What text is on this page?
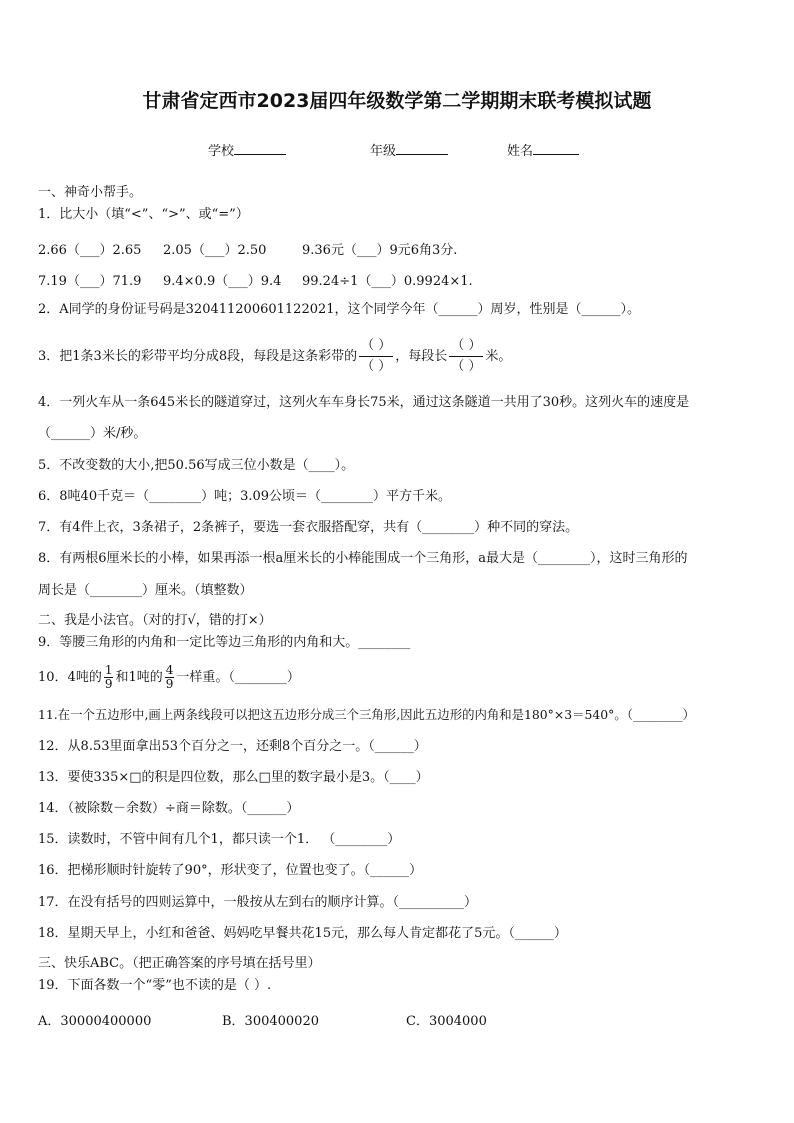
甘肃省定西市2023届四年级数学第二学期期末联考模拟试题
学校	年级	姓名
一、神奇小帮手。
1．比大小（填“<”、“>”、或“=”）
2.66（___）2.65 2.05（___）2.50	9.36元（___）9元6角3分.
7.19（___）71.9 9.4×0.9（___）9.4 99.24÷1（___）0.9924×1.
2．A同学的身份证号码是320411200601122021，这个同学今年（______）周岁，性别是（______）。
3．把1条3米长的彩带平均分成8段，每段是这条彩带的 $\frac{( )}{( )}$ ，每段长 $\frac{( )}{( )}$ 米。
4．一列火车从一条645米长的隧道穿过，这列火车车身长75米，通过这条隧道一共用了30秒。这列火车的速度是
（______）米/秒。
5．不改变数的大小,把50.56写成三位小数是（____）。
6．8吨40千克＝（________）吨；3.09公顷＝（________）平方千米。
7．有4件上衣，3条裙子，2条裤子，要选一套衣服搭配穿，共有（________）种不同的穿法。
8．有两根6厘米长的小棒，如果再添一根a厘米长的小棒能围成一个三角形，a最大是（________），这时三角形的
周长是（________）厘米。（填整数）
二、我是小法官。（对的打√，错的打×）
9．等腰三角形的内角和一定比等边三角形的内角和大。________
10．4吨的 $\frac{1}{9}$ 和1吨的 $\frac{4}{9}$ 一样重。（________）
11.在一个五边形中,画上两条线段可以把这五边形分成三个三角形,因此五边形的内角和是180°×3＝540°。（________）
12．从8.53里面拿出53个百分之一，还剩8个百分之一。（______）
13．要使335×□的积是四位数，那么□里的数字最小是3。（____）
14．（被除数－余数）÷商＝除数。（______）
15．读数时，不管中间有几个1，都只读一个1． （________）
16．把梯形顺时针旋转了90°，形状变了，位置也变了。（______）
17．在没有括号的四则运算中，一般按从左到右的顺序计算。（__________）
18．星期天早上，小红和爸爸、妈妈吃早餐共花15元，那么每人肯定都花了5元。（______）
三、快乐ABC。（把正确答案的序号填在括号里）
19．下面各数一个“零”也不读的是（ ）.
A．30000400000	B．300400020	C．3004000
